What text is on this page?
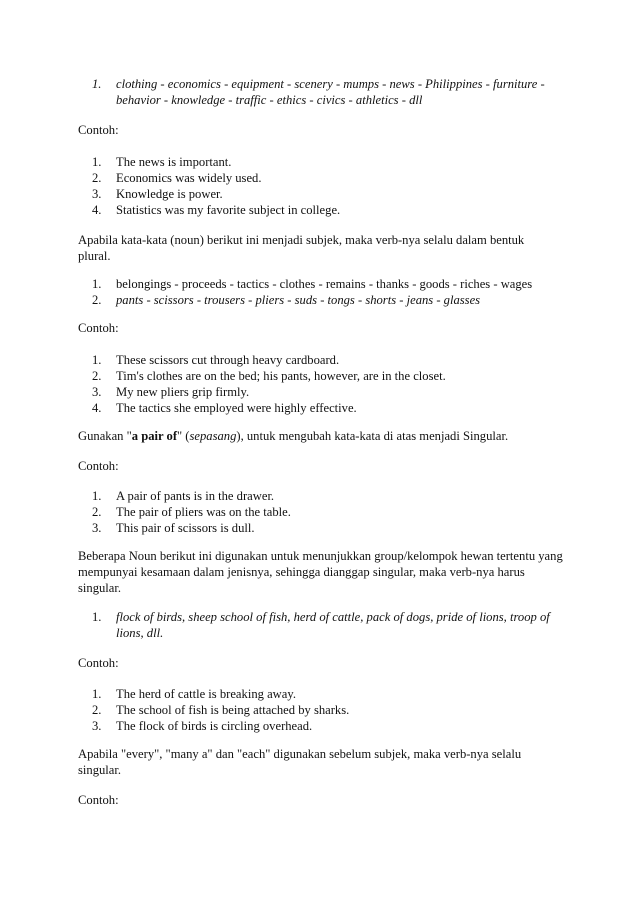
1. clothing - economics - equipment - scenery - mumps - news - Philippines - furniture - behavior - knowledge - traffic - ethics - civics - athletics - dll

Contoh:

1. The news is important.
2. Economics was widely used.
3. Knowledge is power.
4. Statistics was my favorite subject in college.

Apabila kata-kata (noun) berikut ini menjadi subjek, maka verb-nya selalu dalam bentuk plural.

1. belongings - proceeds - tactics - clothes - remains - thanks - goods - riches - wages
2. pants - scissors - trousers - pliers - suds - tongs - shorts - jeans - glasses

Contoh:

1. These scissors cut through heavy cardboard.
2. Tim's clothes are on the bed; his pants, however, are in the closet.
3. My new pliers grip firmly.
4. The tactics she employed were highly effective.

Gunakan "a pair of" (sepasang), untuk mengubah kata-kata di atas menjadi Singular.

Contoh:

1. A pair of pants is in the drawer.
2. The pair of pliers was on the table.
3. This pair of scissors is dull.

Beberapa Noun berikut ini digunakan untuk menunjukkan group/kelompok hewan tertentu yang mempunyai kesamaan dalam jenisnya, sehingga dianggap singular, maka verb-nya harus singular.

1. flock of birds, sheep school of fish, herd of cattle, pack of dogs, pride of lions, troop of lions, dll.

Contoh:

1. The herd of cattle is breaking away.
2. The school of fish is being attached by sharks.
3. The flock of birds is circling overhead.

Apabila "every", "many a" dan "each" digunakan sebelum subjek, maka verb-nya selalu singular.

Contoh:
